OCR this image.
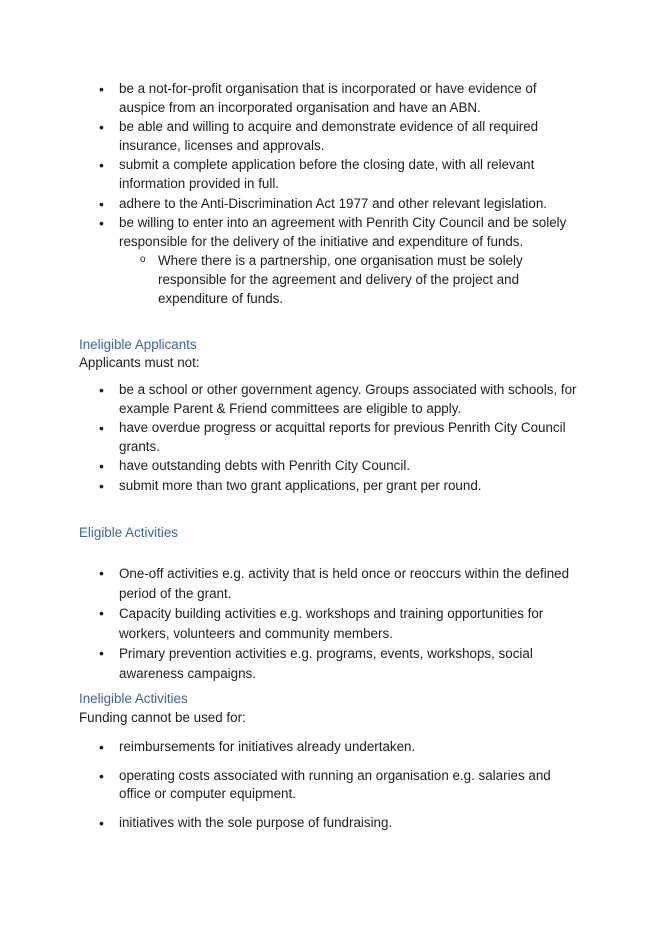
• be a not-for-profit organisation that is incorporated or have evidence of auspice from an incorporated organisation and have an ABN.
• be able and willing to acquire and demonstrate evidence of all required insurance, licenses and approvals.
• submit a complete application before the closing date, with all relevant information provided in full.
• adhere to the Anti-Discrimination Act 1977 and other relevant legislation.
• be willing to enter into an agreement with Penrith City Council and be solely responsible for the delivery of the initiative and expenditure of funds.
o Where there is a partnership, one organisation must be solely responsible for the agreement and delivery of the project and expenditure of funds.
Ineligible Applicants
Applicants must not:
• be a school or other government agency. Groups associated with schools, for example Parent & Friend committees are eligible to apply.
• have overdue progress or acquittal reports for previous Penrith City Council grants.
• have outstanding debts with Penrith City Council.
• submit more than two grant applications, per grant per round.
Eligible Activities
• One-off activities e.g. activity that is held once or reoccurs within the defined period of the grant.
• Capacity building activities e.g. workshops and training opportunities for workers, volunteers and community members.
• Primary prevention activities e.g. programs, events, workshops, social awareness campaigns.
Ineligible Activities
Funding cannot be used for:
• reimbursements for initiatives already undertaken.
• operating costs associated with running an organisation e.g. salaries and office or computer equipment.
• initiatives with the sole purpose of fundraising.
